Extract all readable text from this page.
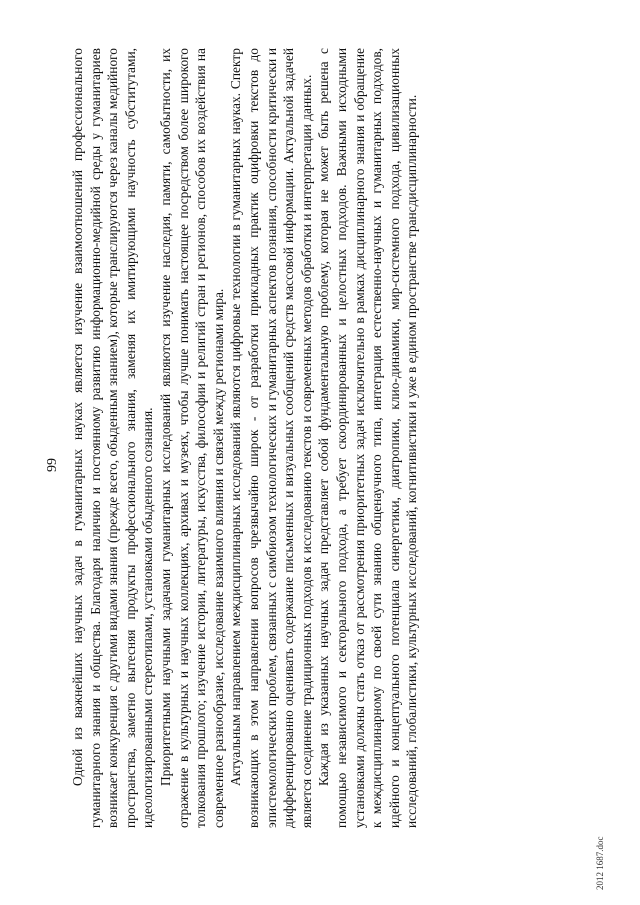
99 Одной из важнейших научных задач в гуманитарных науках является изучение взаимоотношений профессионального гуманитарного знания и общества. Благодаря наличию и постоянному развитию информационно-медийной среды у гуманитариев возникает конкуренция с другими видами знания (прежде всего, обыденным знанием), которые транслируются через каналы медийного пространства, заметно вытесняя продукты профессионального знания, заменяя их имитирующими научность субститутами, идеологизированными стереотипами, установками обыденного сознания. Приоритетными научными задачами гуманитарных исследований являются изучение наследия, памяти, самобытности, их отражение в культурных и научных коллекциях, архивах и музеях, чтобы лучше понимать настоящее посредством более широкого толкования прошлого; изучение истории, литературы, искусства, философии и религий стран и регионов, способов их воздействия на современное разнообразие, исследование взаимного влияния и связей между регионами мира. Актуальным направлением междисциплинарных исследований являются цифровые технологии в гуманитарных науках. Спектр возникающих в этом направлении вопросов чрезвычайно широк - от разработки прикладных практик оцифровки текстов до эпистемологических проблем, связанных с симбиозом технологических и гуманитарных аспектов познания, способности критически и дифференцированно оценивать содержание письменных и визуальных сообщений средств массовой информации. Актуальной задачей является соединение традиционных подходов к исследованию текстов и современных методов обработки и интерпретации данных. Каждая из указанных научных задач представляет собой фундаментальную проблему, которая не может быть решена с помощью независимого и секторального подхода, а требует скоординированных и целостных подходов. Важными исходными установками должны стать отказ от рассмотрения приоритетных задач исключительно в рамках дисциплинарного знания и обращение к междисциплинарному по своей сути знанию общенаучного типа, интеграция естественно-научных и гуманитарных подходов, идейного и концептуального потенциала синергетики, диатропики, клио-динамики, мир-системного подхода, цивилизационных исследований, глобалистики, культурных исследований, когнитивистики и уже в едином пространстве трансдисциплинарности.

2012 1687.doc
